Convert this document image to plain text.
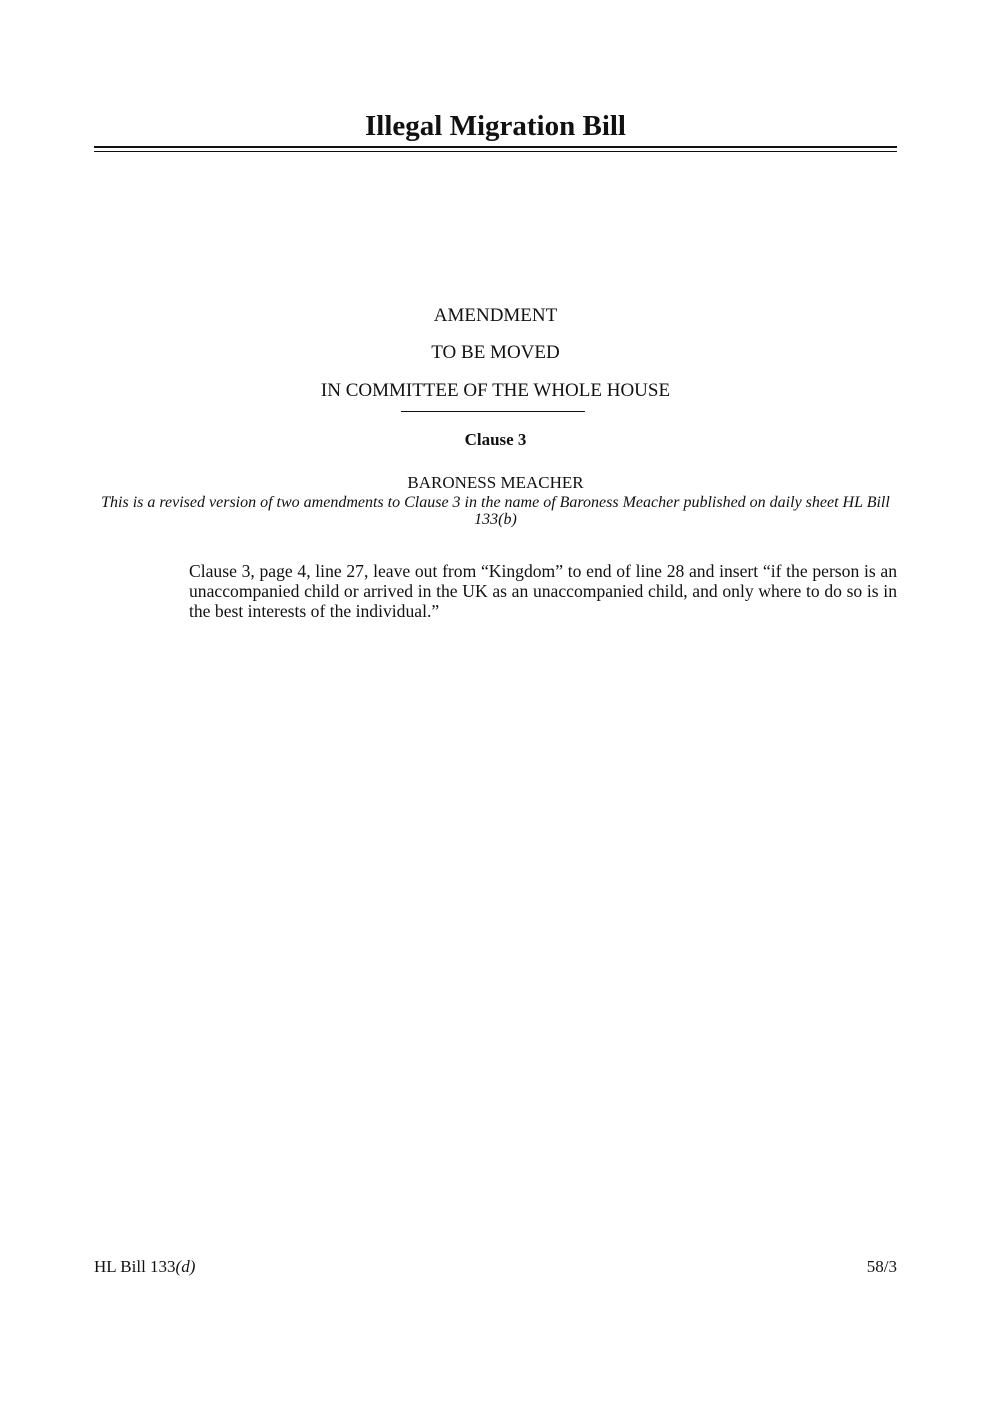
Illegal Migration Bill
AMENDMENT
TO BE MOVED
IN COMMITTEE OF THE WHOLE HOUSE
Clause 3
BARONESS MEACHER
This is a revised version of two amendments to Clause 3 in the name of Baroness Meacher published on daily sheet HL Bill 133(b)
Clause 3, page 4, line 27, leave out from “Kingdom” to end of line 28 and insert “if the person is an unaccompanied child or arrived in the UK as an unaccompanied child, and only where to do so is in the best interests of the individual.”
HL Bill 133(d)	58/3
